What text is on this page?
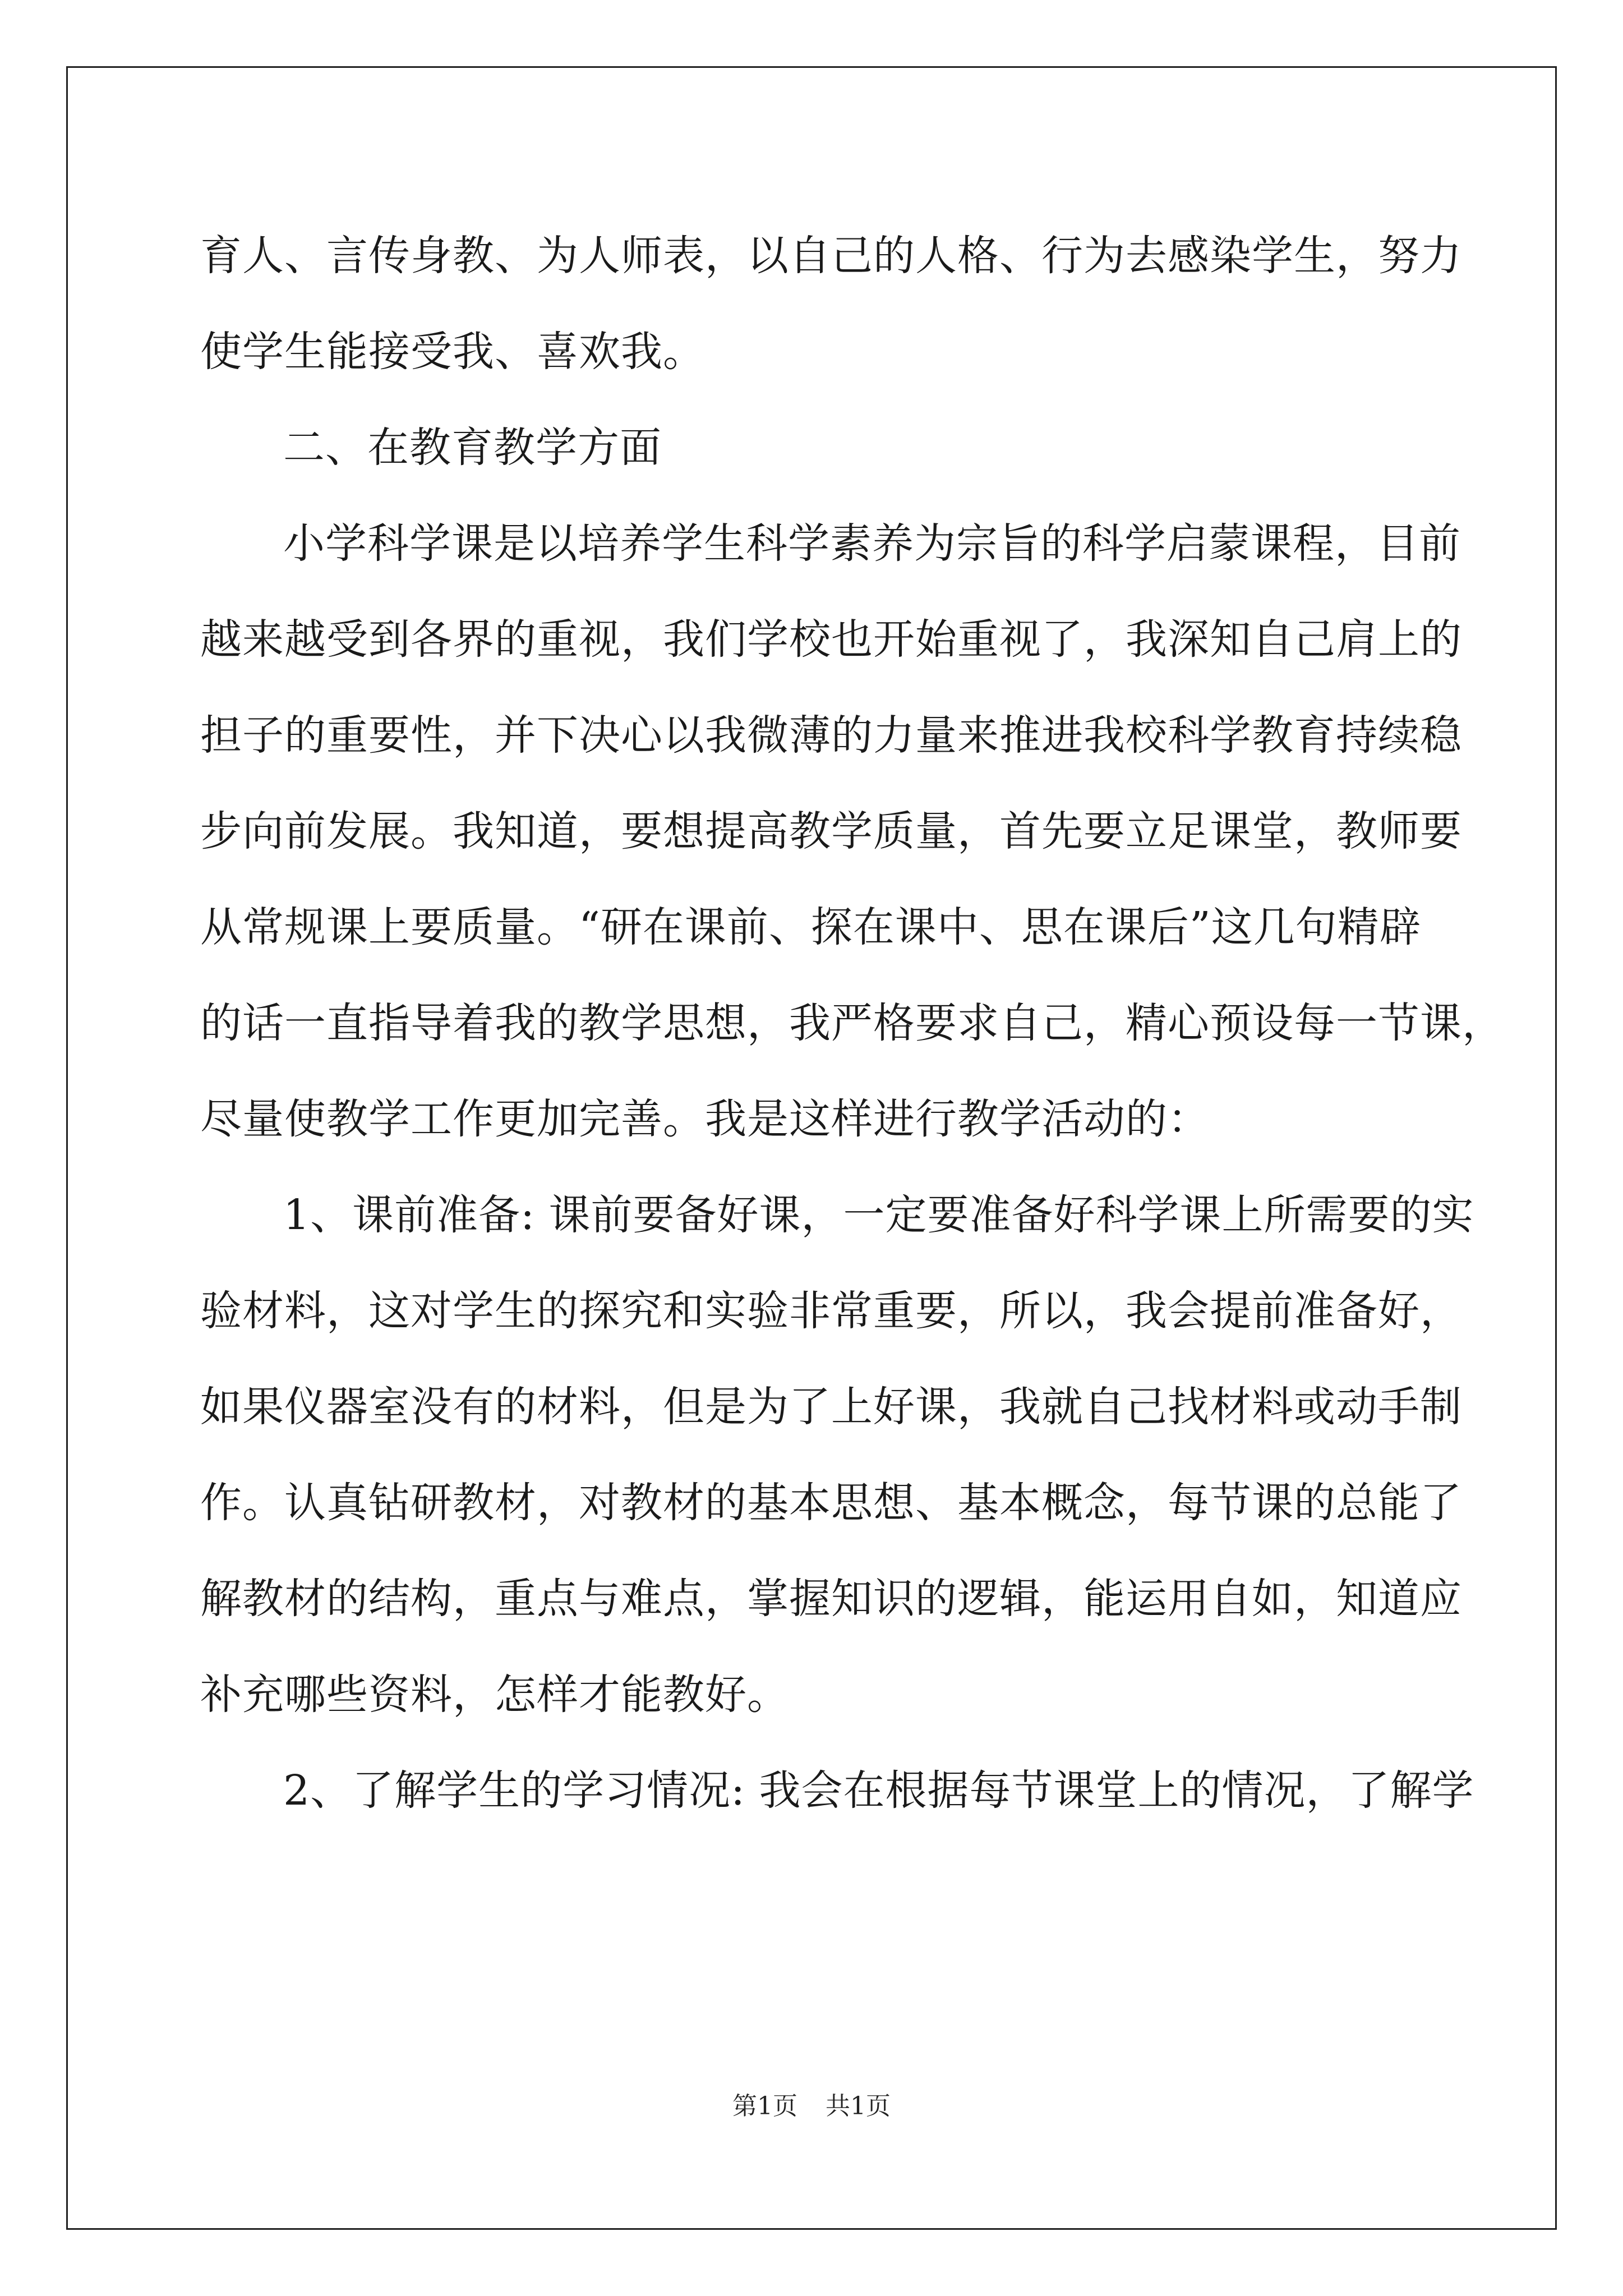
育人、言传身教、为人师表，以自己的人格、行为去感染学生，努力
使学生能接受我、喜欢我。
二、在教育教学方面
小学科学课是以培养学生科学素养为宗旨的科学启蒙课程，目前
越来越受到各界的重视，我们学校也开始重视了，我深知自己肩上的
担子的重要性，并下决心以我微薄的力量来推进我校科学教育持续稳
步向前发展。我知道，要想提高教学质量，首先要立足课堂，教师要
从常规课上要质量。“研在课前、探在课中、思在课后”这几句精辟
的话一直指导着我的教学思想，我严格要求自己，精心预设每一节课，
尽量使教学工作更加完善。我是这样进行教学活动的：
1、课前准备: 课前要备好课，一定要准备好科学课上所需要的实
验材料，这对学生的探究和实验非常重要，所以，我会提前准备好，
如果仪器室没有的材料，但是为了上好课，我就自己找材料或动手制
作。认真钻研教材，对教材的基本思想、基本概念，每节课的总能了
解教材的结构，重点与难点，掌握知识的逻辑，能运用自如，知道应
补充哪些资料，怎样才能教好。
2、了解学生的学习情况: 我会在根据每节课堂上的情况，了解学
第1页 共1页
